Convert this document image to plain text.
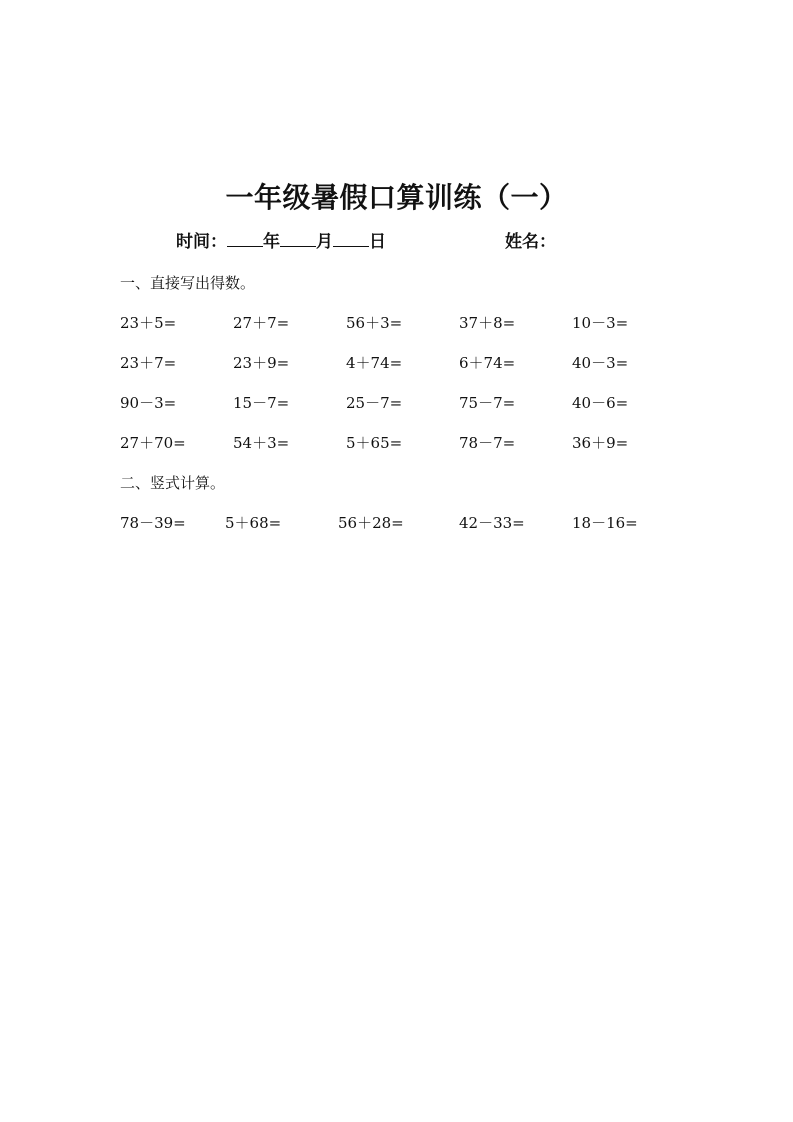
一年级暑假口算训练（一）
时间： 年 月 日	姓名：
一、直接写出得数。
23＋5=	27＋7=	56＋3=	37＋8=	10－3=
23＋7=	23＋9=	4＋74=	6＋74=	40－3=
90－3=	15－7=	25－7=	75－7=	40－6=
27＋70=	54＋3=	5＋65=	78－7=	36＋9=
二、竖式计算。
78－39=	5＋68=	56＋28=	42－33=	18－16=
